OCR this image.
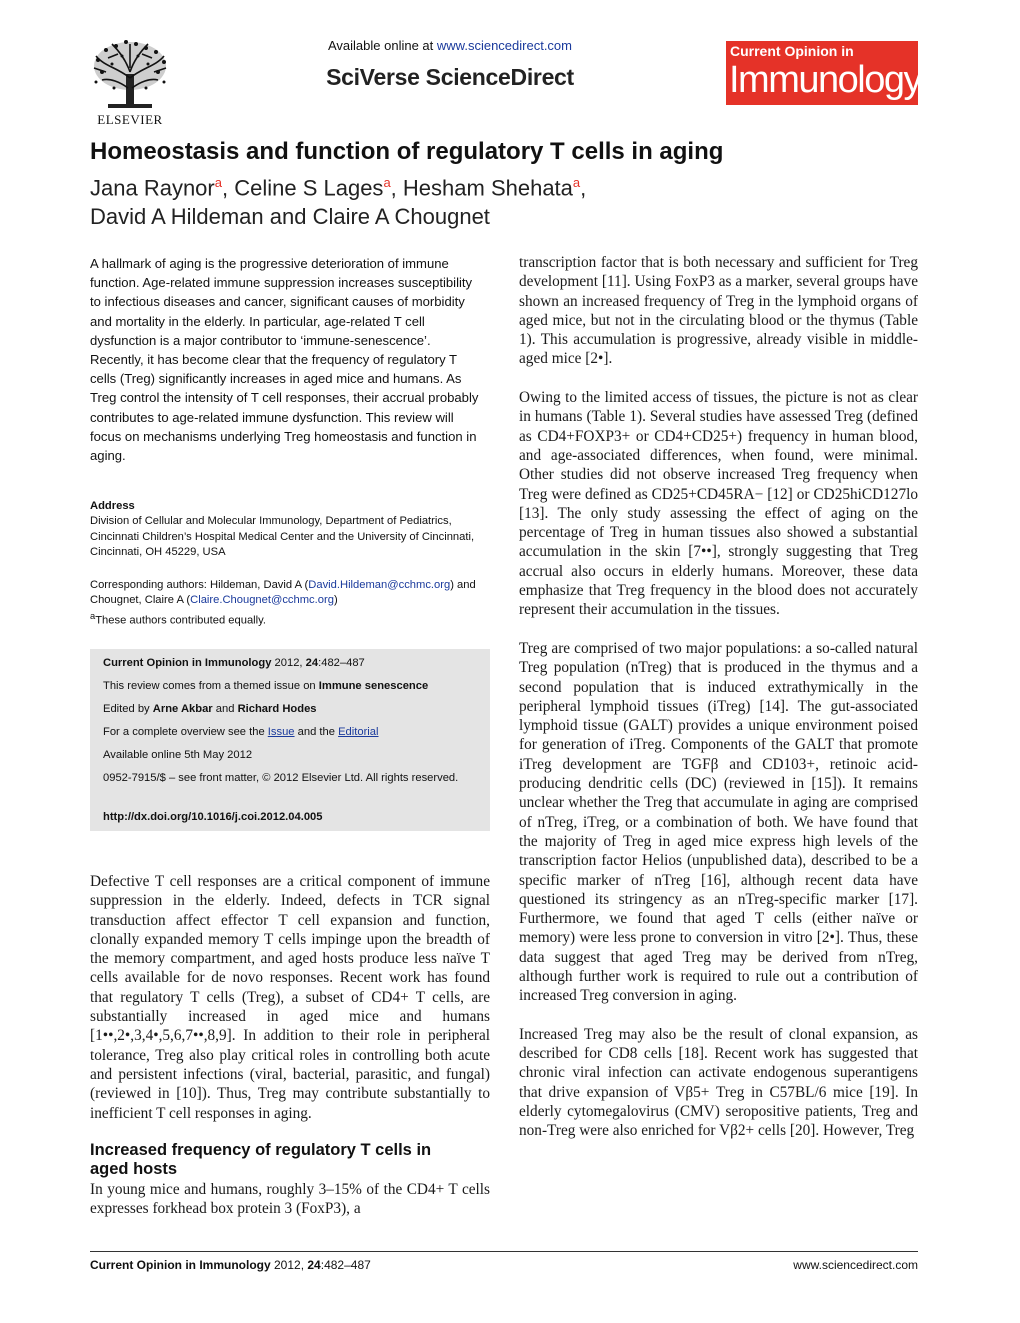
ELSEVIER
Available online at www.sciencedirect.com
SciVerse ScienceDirect
Current Opinion in
Immunology
Homeostasis and function of regulatory T cells in aging
Jana Raynor$^a$, Celine S Lages$^a$, Hesham Shehata$^a$,
David A Hildeman and Claire A Chougnet
A hallmark of aging is the progressive deterioration of immune function. Age-related immune suppression increases susceptibility to infectious diseases and cancer, significant causes of morbidity and mortality in the elderly. In particular, age-related T cell dysfunction is a major contributor to ‘immune-senescence’. Recently, it has become clear that the frequency of regulatory T cells (Treg) significantly increases in aged mice and humans. As Treg control the intensity of T cell responses, their accrual probably contributes to age-related immune dysfunction. This review will focus on mechanisms underlying Treg homeostasis and function in aging.
Address
Division of Cellular and Molecular Immunology, Department of Pediatrics, Cincinnati Children’s Hospital Medical Center and the University of Cincinnati, Cincinnati, OH 45229, USA
Corresponding authors: Hildeman, David A (David.Hildeman@cchmc.org) and Chougnet, Claire A (Claire.Chougnet@cchmc.org)
$^a$These authors contributed equally.
Current Opinion in Immunology 2012, 24:482–487
This review comes from a themed issue on Immune senescence
Edited by Arne Akbar and Richard Hodes
For a complete overview see the Issue and the Editorial
Available online 5th May 2012
0952-7915/$ – see front matter, © 2012 Elsevier Ltd. All rights reserved.
http://dx.doi.org/10.1016/j.coi.2012.04.005

Defective T cell responses are a critical component of immune suppression in the elderly. Indeed, defects in TCR signal transduction affect effector T cell expansion and function, clonally expanded memory T cells impinge upon the breadth of the memory compartment, and aged hosts produce less naïve T cells available for de novo responses. Recent work has found that regulatory T cells (Treg), a subset of CD4+ T cells, are substantially increased in aged mice and humans [1••,2•,3,4•,5,6,7••,8,9]. In addition to their role in peripheral tolerance, Treg also play critical roles in controlling both acute and persistent infections (viral, bacterial, parasitic, and fungal) (reviewed in [10]). Thus, Treg may contribute substantially to inefficient T cell responses in aging.

Increased frequency of regulatory T cells in
aged hosts

In young mice and humans, roughly 3–15% of the CD4+ T cells expresses forkhead box protein 3 (FoxP3), a

transcription factor that is both necessary and sufficient for Treg development [11]. Using FoxP3 as a marker, several groups have shown an increased frequency of Treg in the lymphoid organs of aged mice, but not in the circulating blood or the thymus (Table 1). This accumulation is progressive, already visible in middle-aged mice [2•].

Owing to the limited access of tissues, the picture is not as clear in humans (Table 1). Several studies have assessed Treg (defined as CD4+FOXP3+ or CD4+CD25+) frequency in human blood, and age-associated differences, when found, were minimal. Other studies did not observe increased Treg frequency when Treg were defined as CD25+CD45RA− [12] or CD25hiCD127lo [13]. The only study assessing the effect of aging on the percentage of Treg in human tissues also showed a substantial accumulation in the skin [7••], strongly suggesting that Treg accrual also occurs in elderly humans. Moreover, these data emphasize that Treg frequency in the blood does not accurately represent their accumulation in the tissues.

Treg are comprised of two major populations: a so-called natural Treg population (nTreg) that is produced in the thymus and a second population that is induced extrathymically in the peripheral lymphoid tissues (iTreg) [14]. The gut-associated lymphoid tissue (GALT) provides a unique environment poised for generation of iTreg. Components of the GALT that promote iTreg development are TGFβ and CD103+, retinoic acid-producing dendritic cells (DC) (reviewed in [15]). It remains unclear whether the Treg that accumulate in aging are comprised of nTreg, iTreg, or a combination of both. We have found that the majority of Treg in aged mice express high levels of the transcription factor Helios (unpublished data), described to be a specific marker of nTreg [16], although recent data have questioned its stringency as an nTreg-specific marker [17]. Furthermore, we found that aged T cells (either naïve or memory) were less prone to conversion in vitro [2•]. Thus, these data suggest that aged Treg may be derived from nTreg, although further work is required to rule out a contribution of increased Treg conversion in aging.

Increased Treg may also be the result of clonal expansion, as described for CD8 cells [18]. Recent work has suggested that chronic viral infection can activate endogenous superantigens that drive expansion of Vβ5+ Treg in C57BL/6 mice [19]. In elderly cytomegalovirus (CMV) seropositive patients, Treg and non-Treg were also enriched for Vβ2+ cells [20]. However, Treg

Current Opinion in Immunology 2012, 24:482–487	www.sciencedirect.com
